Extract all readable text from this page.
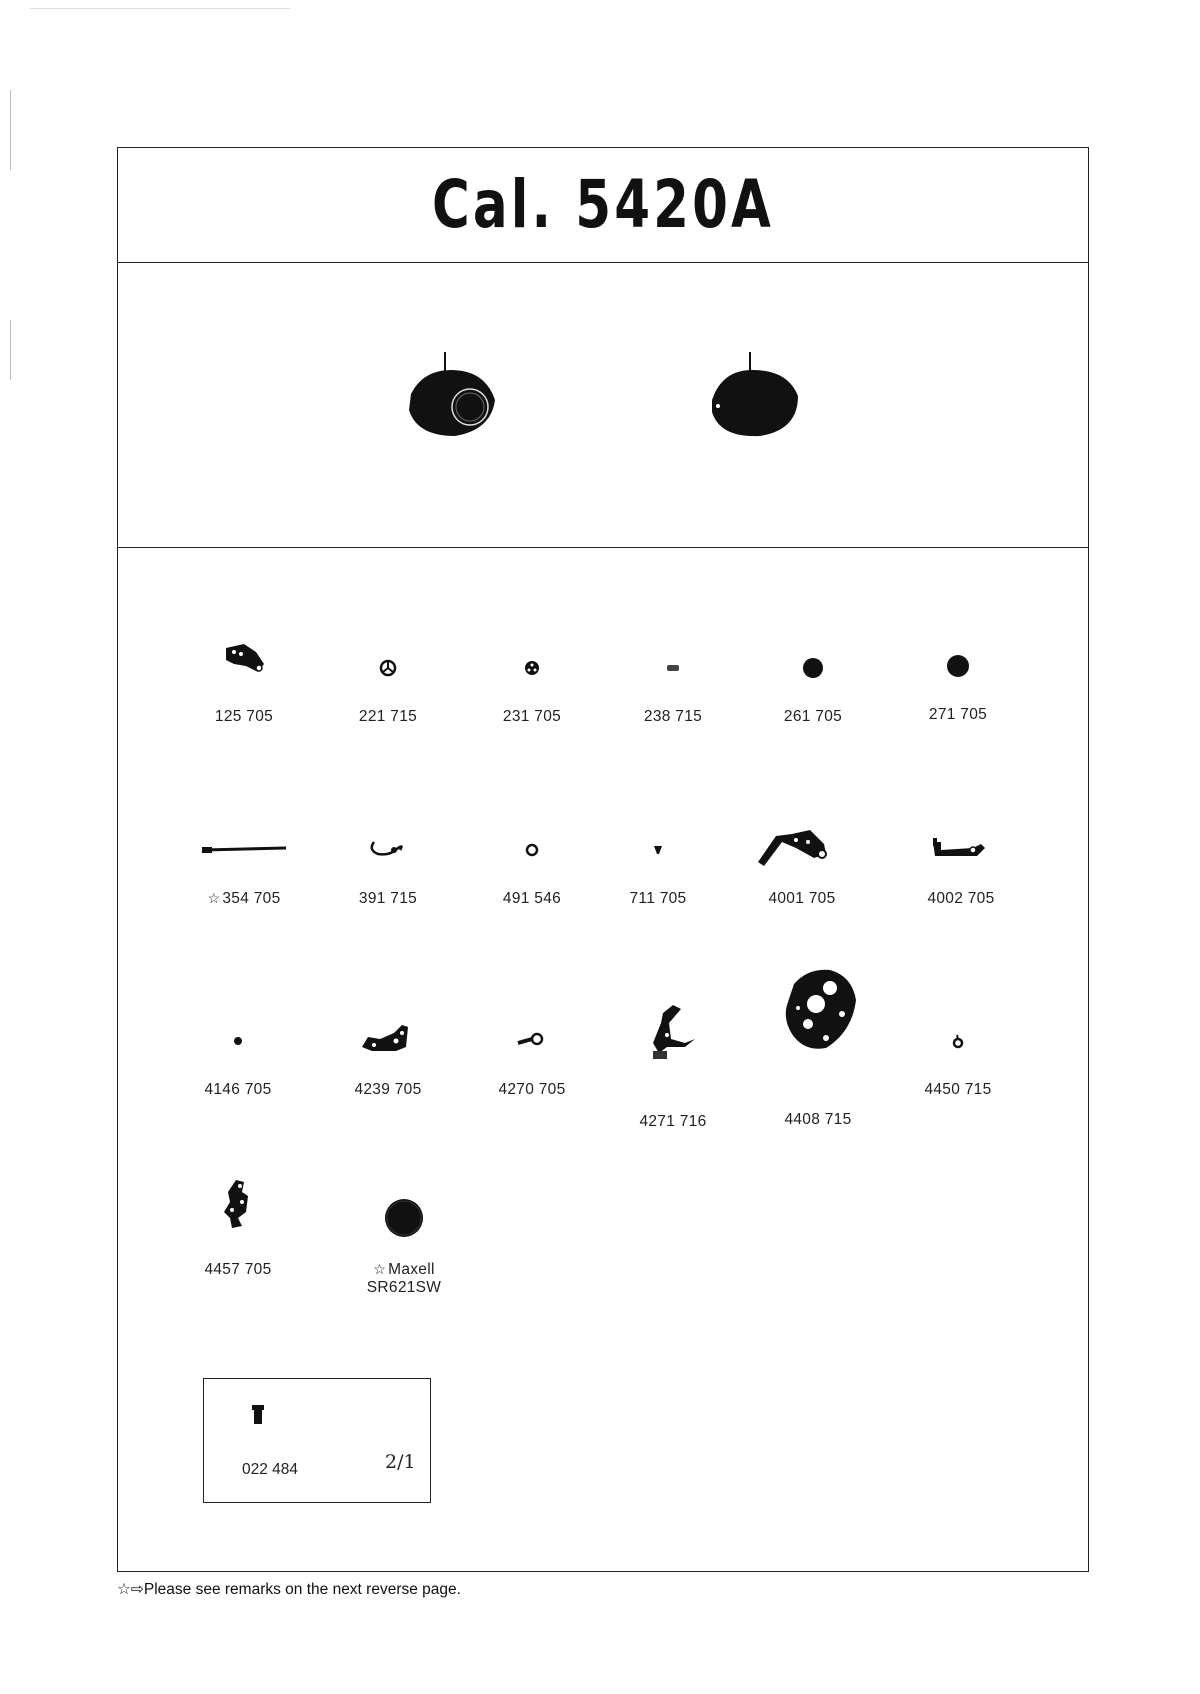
Cal. 5420A
125 705	221 715	231 705	238 715	261 705	271 705
☆ 354 705	391 715	491 546	711 705	4001 705	4002 705
4146 705	4239 705	4270 705
4271 716	4408 715
4450 715
4457 705	☆ Maxell SR621SW
022 484	2/1
☆⇨Please see remarks on the next reverse page.
